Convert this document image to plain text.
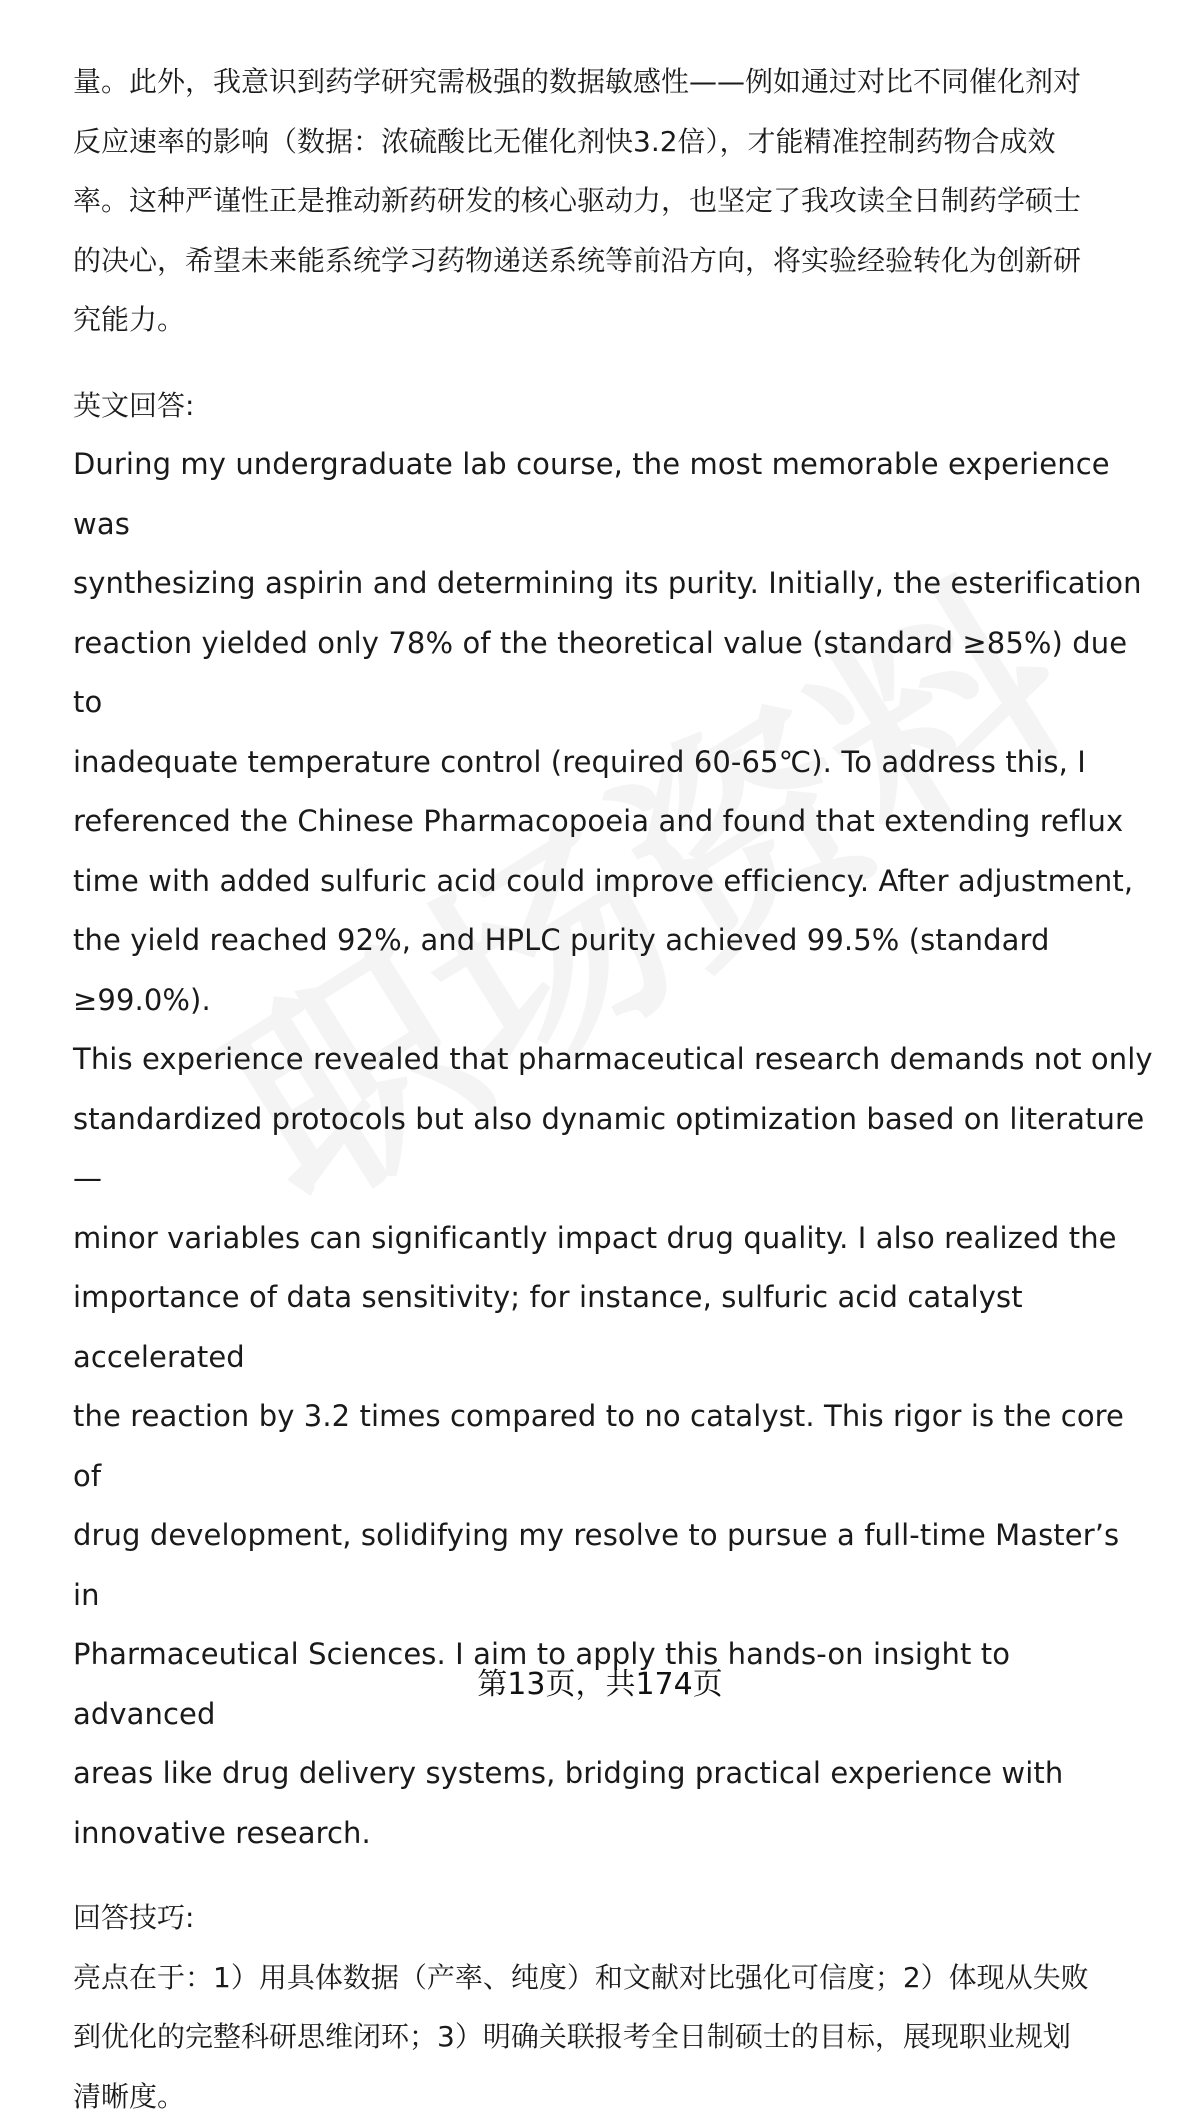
量。此外，我意识到药学研究需极强的数据敏感性——例如通过对比不同催化剂对

反应速率的影响（数据：浓硫酸比无催化剂快3.2倍），才能精准控制药物合成效

率。这种严谨性正是推动新药研发的核心驱动力，也坚定了我攻读全日制药学硕士

的决心，希望未来能系统学习药物递送系统等前沿方向，将实验经验转化为创新研

究能力。

英文回答:

During my undergraduate lab course, the most memorable experience was

synthesizing aspirin and determining its purity. Initially, the esterification

reaction yielded only 78% of the theoretical value (standard ≥85%) due to

inadequate temperature control (required 60-65℃). To address this, I

referenced the Chinese Pharmacopoeia and found that extending reflux

time with added sulfuric acid could improve efficiency. After adjustment,

the yield reached 92%, and HPLC purity achieved 99.5% (standard ≥99.0%).

This experience revealed that pharmaceutical research demands not only

standardized protocols but also dynamic optimization based on literature—

minor variables can significantly impact drug quality. I also realized the

importance of data sensitivity; for instance, sulfuric acid catalyst accelerated

the reaction by 3.2 times compared to no catalyst. This rigor is the core of

drug development, solidifying my resolve to pursue a full-time Master’s in

Pharmaceutical Sciences. I aim to apply this hands-on insight to advanced

areas like drug delivery systems, bridging practical experience with

innovative research.

回答技巧:

亮点在于：1）用具体数据（产率、纯度）和文献对比强化可信度；2）体现从失败

到优化的完整科研思维闭环；3）明确关联报考全日制硕士的目标，展现职业规划

清晰度。

第13页，共174页
